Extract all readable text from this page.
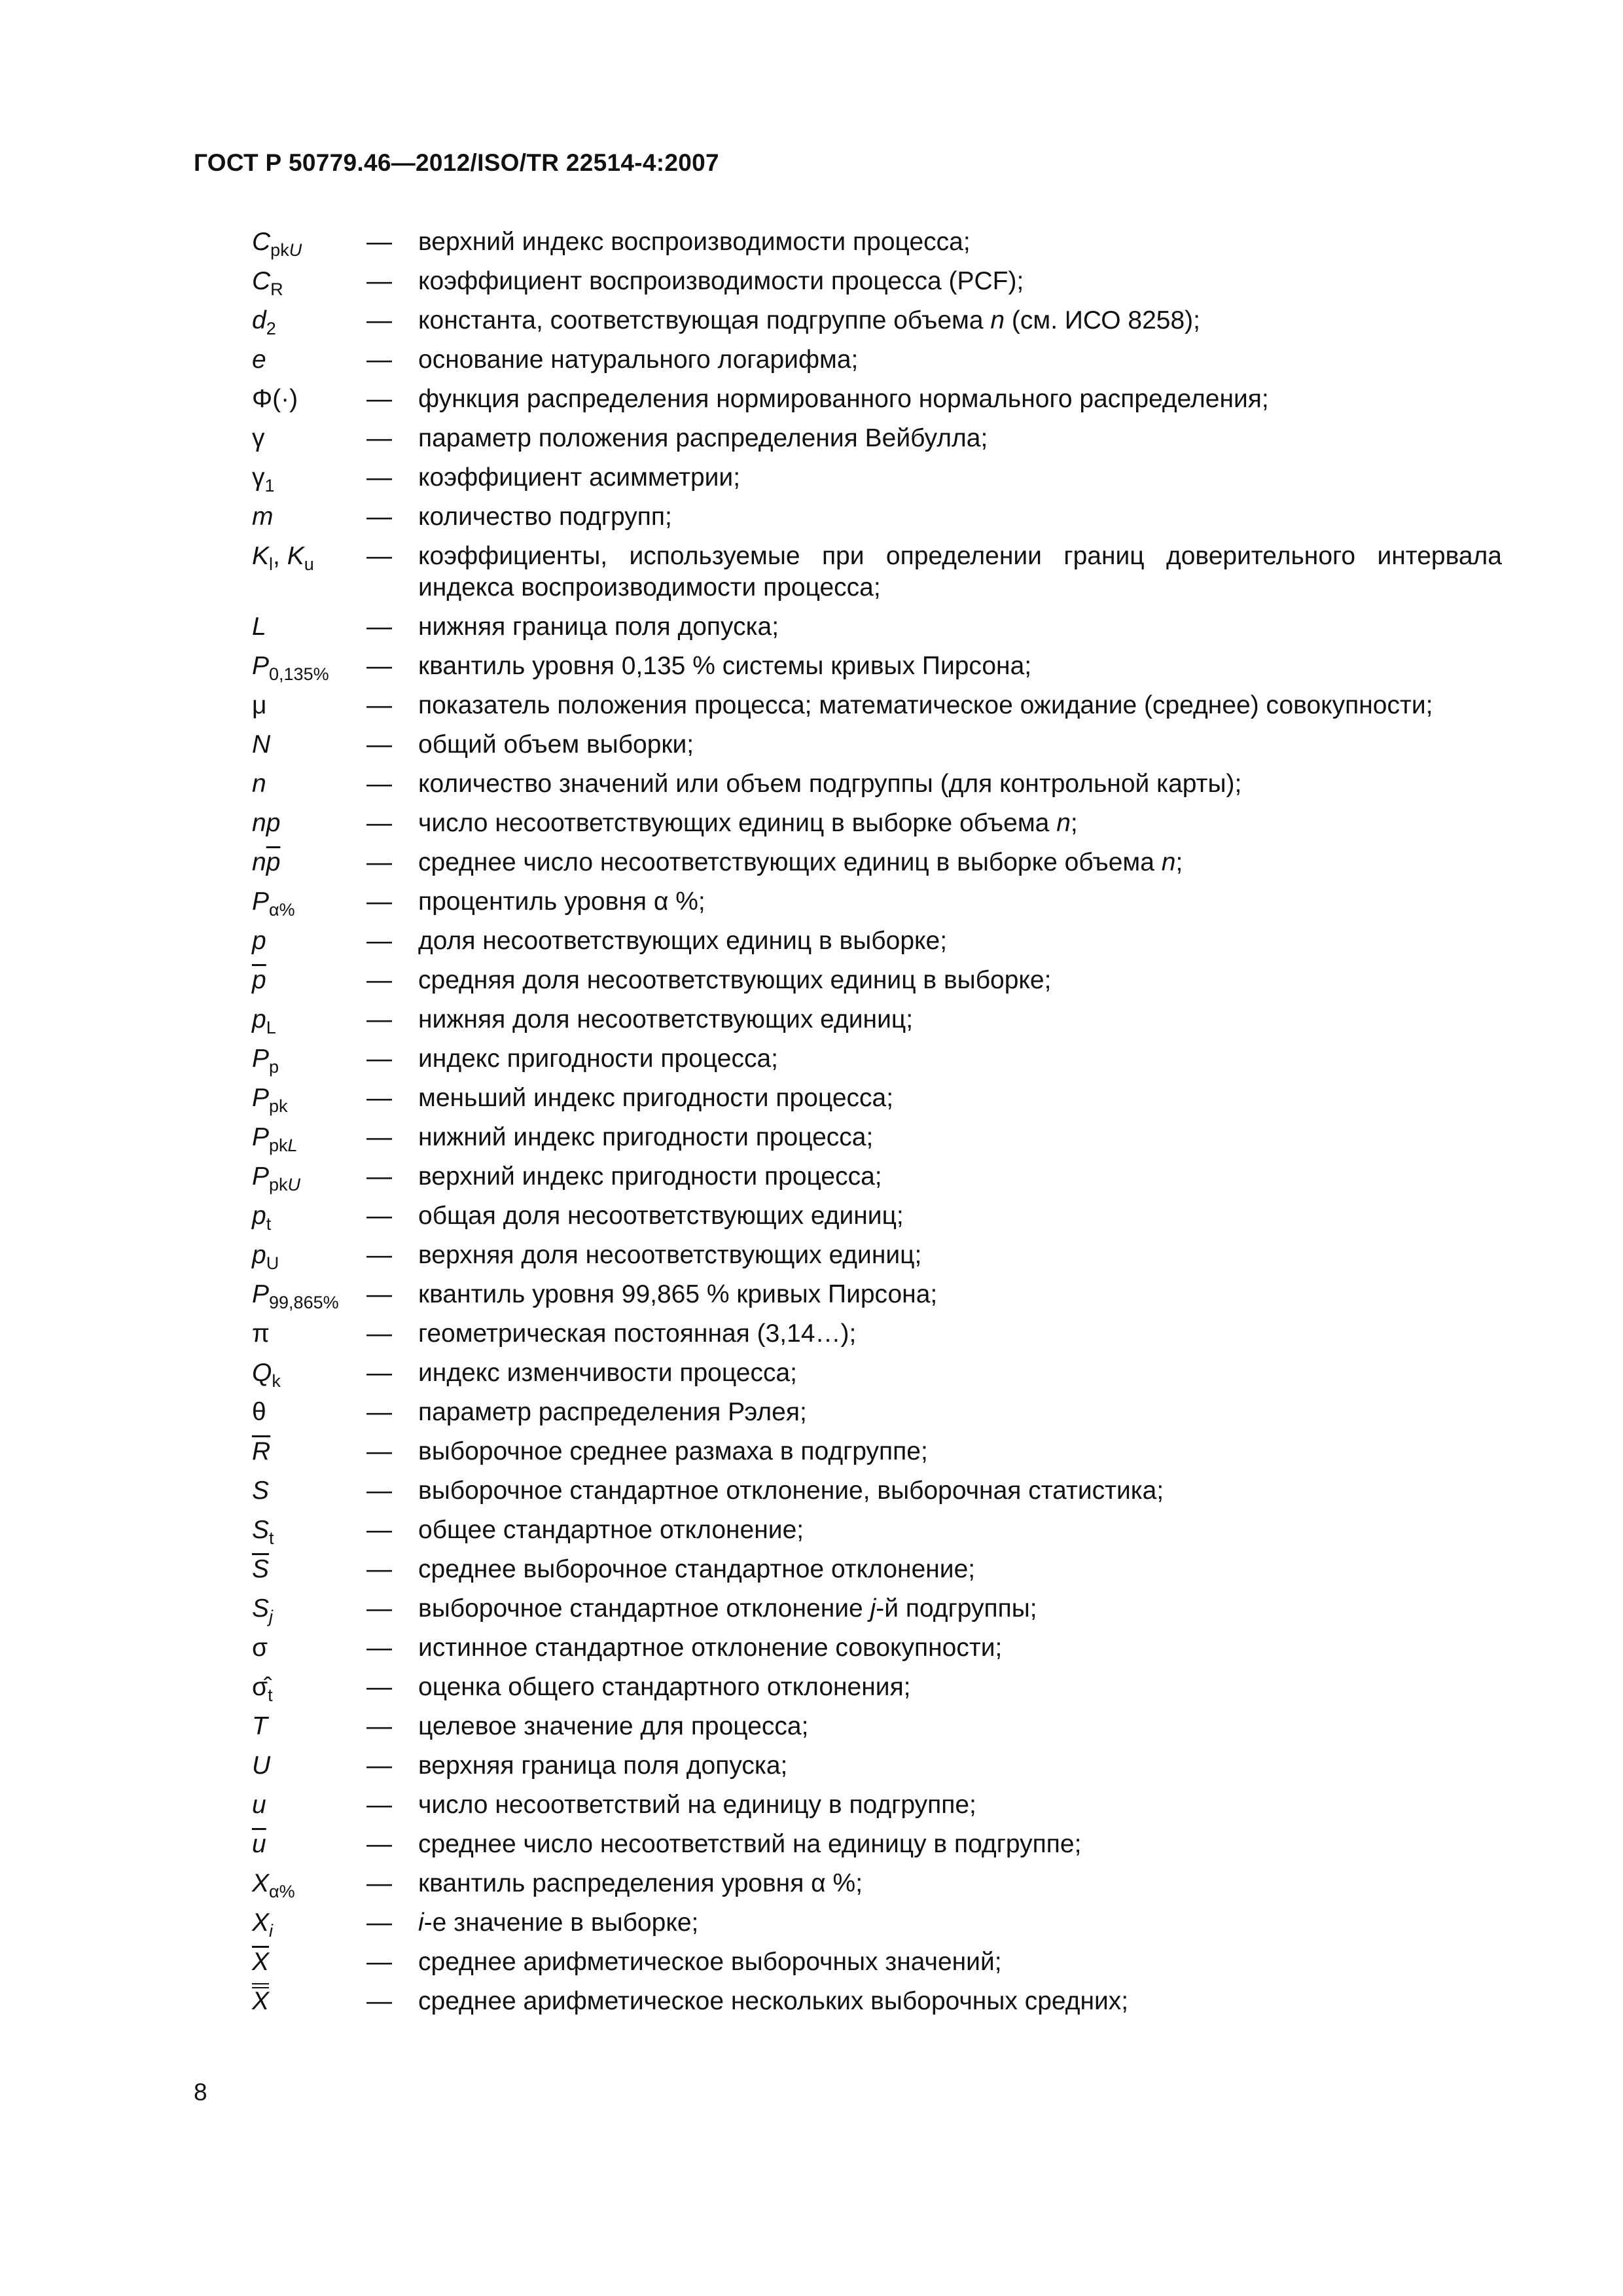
ГОСТ Р 50779.46—2012/ISO/TR 22514-4:2007
$C_{pkU}$	—	верхний индекс воспроизводимости процесса;
$C_R$	—	коэффициент воспроизводимости процесса (PCF);
$d_2$	—	константа, соответствующая подгруппе объема n (см. ИСО 8258);
e	—	основание натурального логарифма;
Φ(·)	—	функция распределения нормированного нормального распределения;
γ	—	параметр положения распределения Вейбулла;
$\gamma_1$	—	коэффициент асимметрии;
m	—	количество подгрупп;
$K_l$, $K_u$	—	коэффициенты, используемые при определении границ доверительного интервала индекса воспроизводимости процесса;
L	—	нижняя граница поля допуска;
$P_{0,135\%}$	—	квантиль уровня 0,135 % системы кривых Пирсона;
μ	—	показатель положения процесса; математическое ожидание (среднее) совокупности;
N	—	общий объем выборки;
n	—	количество значений или объем подгруппы (для контрольной карты);
np	—	число несоответствующих единиц в выборке объема n;
$n\overline{p}$	—	среднее число несоответствующих единиц в выборке объема n;
$P_{\alpha\%}$	—	процентиль уровня α %;
p	—	доля несоответствующих единиц в выборке;
$\overline{p}$	—	средняя доля несоответствующих единиц в выборке;
$p_L$	—	нижняя доля несоответствующих единиц;
$P_p$	—	индекс пригодности процесса;
$P_{pk}$	—	меньший индекс пригодности процесса;
$P_{pkL}$	—	нижний индекс пригодности процесса;
$P_{pkU}$	—	верхний индекс пригодности процесса;
$p_t$	—	общая доля несоответствующих единиц;
$p_U$	—	верхняя доля несоответствующих единиц;
$P_{99,865\%}$	—	квантиль уровня 99,865 % кривых Пирсона;
π	—	геометрическая постоянная (3,14…);
$Q_k$	—	индекс изменчивости процесса;
θ	—	параметр распределения Рэлея;
$\overline{R}$	—	выборочное среднее размаха в подгруппе;
S	—	выборочное стандартное отклонение, выборочная статистика;
$S_t$	—	общее стандартное отклонение;
$\overline{S}$	—	среднее выборочное стандартное отклонение;
$S_j$	—	выборочное стандартное отклонение j-й подгруппы;
σ	—	истинное стандартное отклонение совокупности;
$\sigmâ_t$	—	оценка общего стандартного отклонения;
T	—	целевое значение для процесса;
U	—	верхняя граница поля допуска;
u	—	число несоответствий на единицу в подгруппе;
$\overline{u}$	—	среднее число несоответствий на единицу в подгруппе;
$X_{\alpha\%}$	—	квантиль распределения уровня α %;
$X_i$	—	i-е значение в выборке;
$\overline{X}$	—	среднее арифметическое выборочных значений;
X	—	среднее арифметическое нескольких выборочных средних;
8
